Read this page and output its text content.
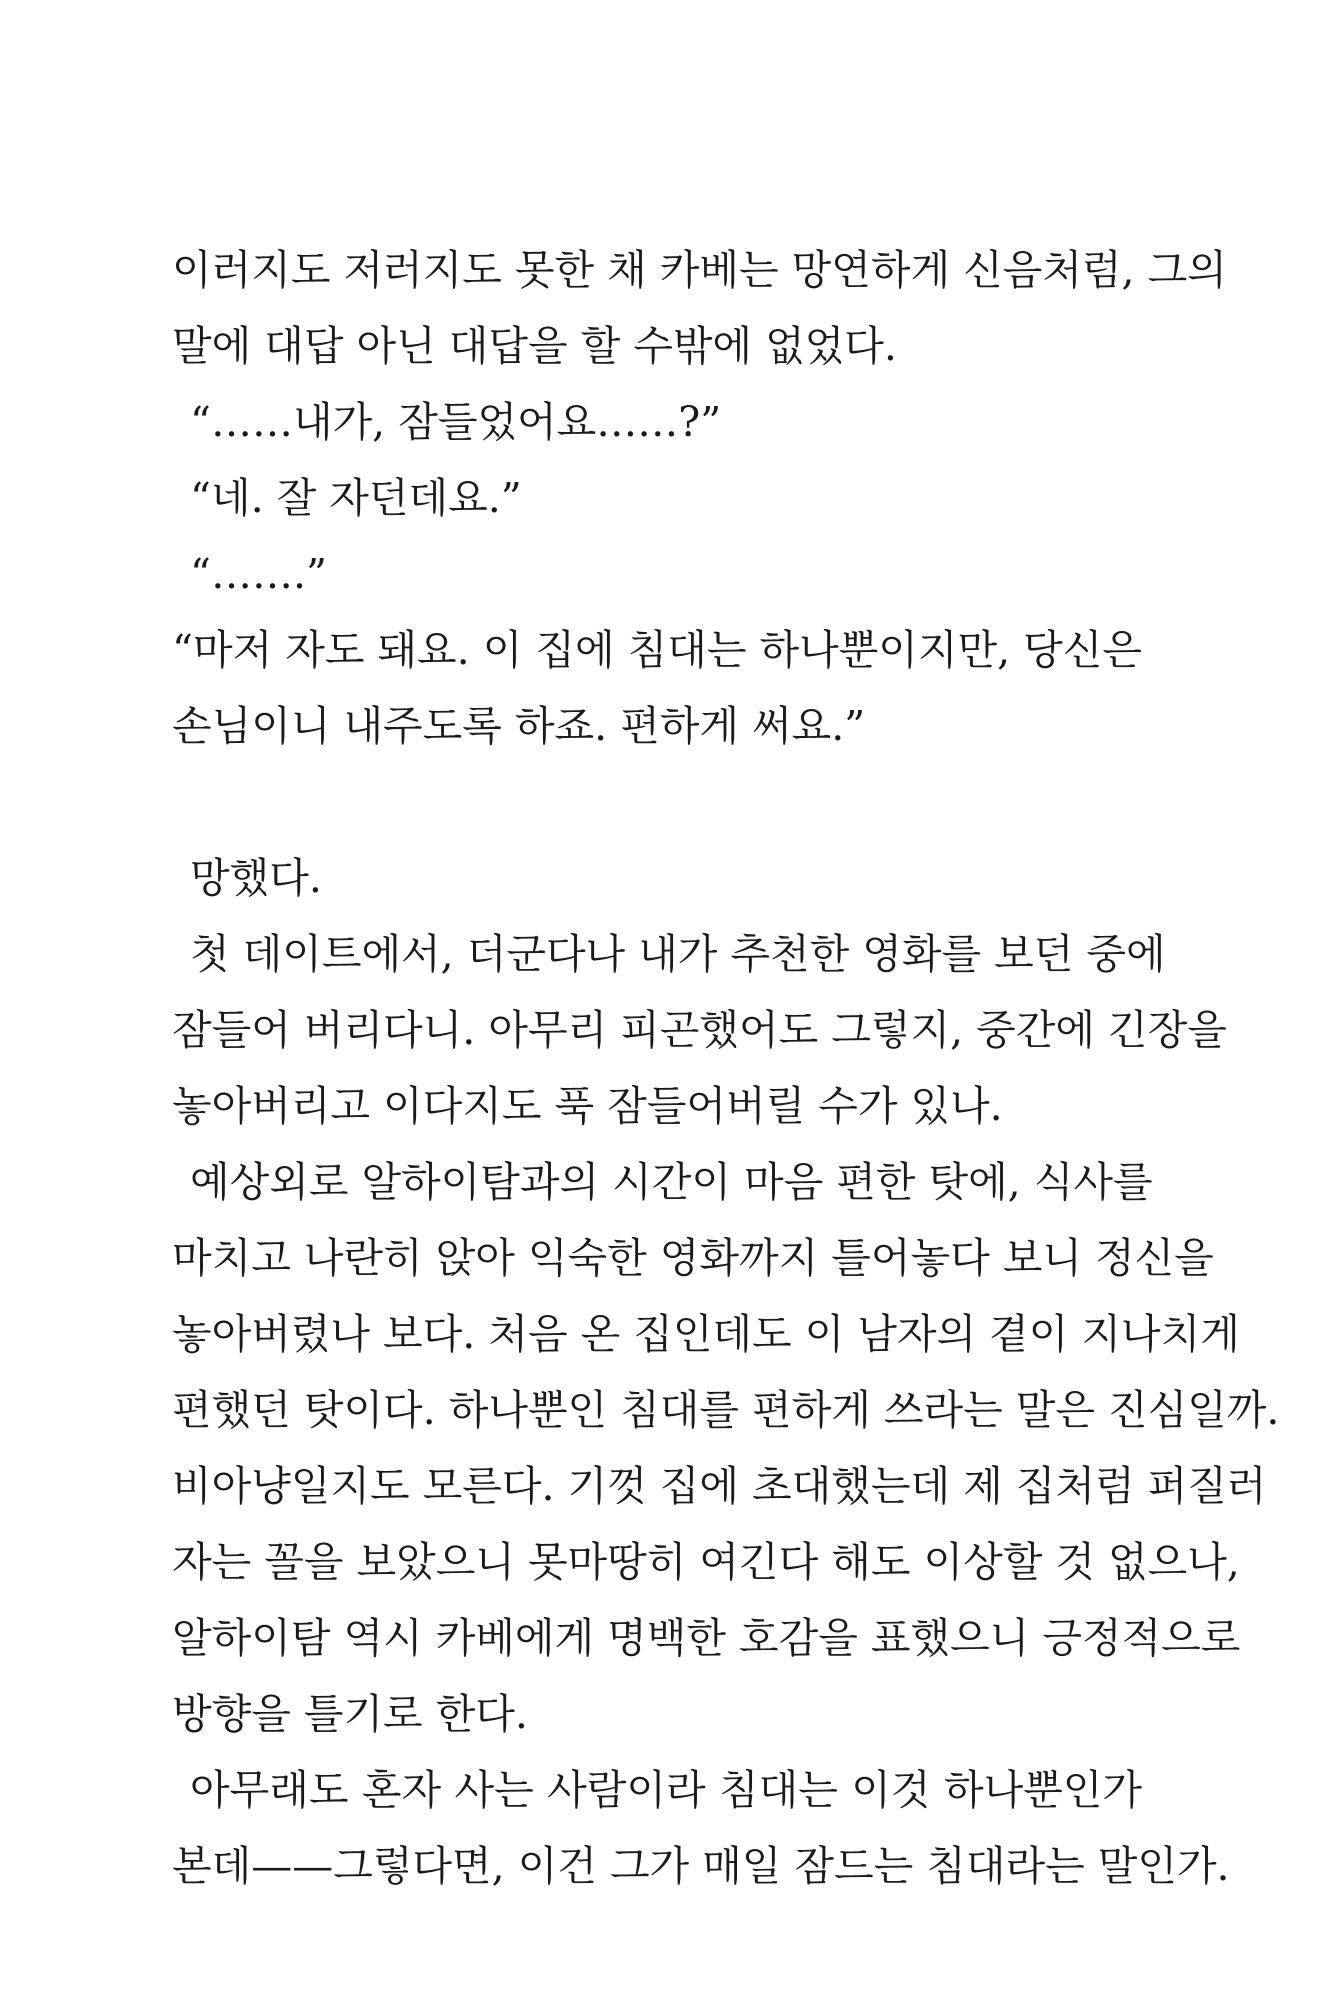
이러지도 저러지도 못한 채 카베는 망연하게 신음처럼, 그의
말에 대답 아닌 대답을 할 수밖에 없었다.
“……내가, 잠들었어요……?”
“네. 잘 자던데요.”
“…….”
“마저 자도 돼요. 이 집에 침대는 하나뿐이지만, 당신은
손님이니 내주도록 하죠. 편하게 써요.”
망했다.
첫 데이트에서, 더군다나 내가 추천한 영화를 보던 중에
잠들어 버리다니. 아무리 피곤했어도 그렇지, 중간에 긴장을
놓아버리고 이다지도 푹 잠들어버릴 수가 있나.
예상외로 알하이탐과의 시간이 마음 편한 탓에, 식사를
마치고 나란히 앉아 익숙한 영화까지 틀어놓다 보니 정신을
놓아버렸나 보다. 처음 온 집인데도 이 남자의 곁이 지나치게
편했던 탓이다. 하나뿐인 침대를 편하게 쓰라는 말은 진심일까.
비아냥일지도 모른다. 기껏 집에 초대했는데 제 집처럼 퍼질러
자는 꼴을 보았으니 못마땅히 여긴다 해도 이상할 것 없으나,
알하이탐 역시 카베에게 명백한 호감을 표했으니 긍정적으로
방향을 틀기로 한다.
아무래도 혼자 사는 사람이라 침대는 이것 하나뿐인가
본데——그렇다면, 이건 그가 매일 잠드는 침대라는 말인가.
